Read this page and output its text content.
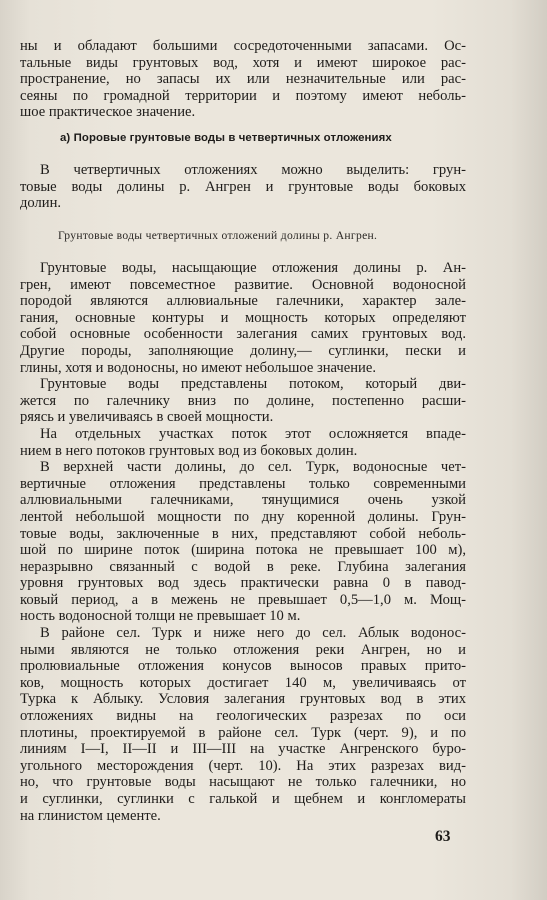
ны и обладают большими сосредоточенными запасами. Ос-
тальные виды грунтовых вод, хотя и имеют широкое рас-
пространение, но запасы их или незначительные или рас-
сеяны по громадной территории и поэтому имеют неболь-
шое практическое значение.
а) Поровые грунтовые воды в четвертичных отложениях
В четвертичных отложениях можно выделить: грун-
товые воды долины р. Ангрен и грунтовые воды боковых
долин.
Грунтовые воды четвертичных отложений долины р. Ангрен.
Грунтовые воды, насыщающие отложения долины р. Ан-
грен, имеют повсеместное развитие. Основной водоносной
породой являются аллювиальные галечники, характер зале-
гания, основные контуры и мощность которых определяют
собой основные особенности залегания самих грунтовых вод.
Другие породы, заполняющие долину,— суглинки, пески и
глины, хотя и водоносны, но имеют небольшое значение.
Грунтовые воды представлены потоком, который дви-
жется по галечнику вниз по долине, постепенно расши-
ряясь и увеличиваясь в своей мощности.
На отдельных участках поток этот осложняется впаде-
нием в него потоков грунтовых вод из боковых долин.
В верхней части долины, до сел. Турк, водоносные чет-
вертичные отложения представлены только современными
аллювиальными галечниками, тянущимися очень узкой
лентой небольшой мощности по дну коренной долины. Грун-
товые воды, заключенные в них, представляют собой неболь-
шой по ширине поток (ширина потока не превышает 100 м),
неразрывно связанный с водой в реке. Глубина залегания
уровня грунтовых вод здесь практически равна 0 в павод-
ковый период, а в межень не превышает 0,5—1,0 м. Мощ-
ность водоносной толщи не превышает 10 м.
В районе сел. Турк и ниже него до сел. Аблык водонос-
ными являются не только отложения реки Ангрен, но и
пролювиальные отложения конусов выносов правых прито-
ков, мощность которых достигает 140 м, увеличиваясь от
Турка к Аблыку. Условия залегания грунтовых вод в этих
отложениях видны на геологических разрезах по оси
плотины, проектируемой в районе сел. Турк (черт. 9), и по
линиям I—I, II—II и III—III на участке Ангренского буро-
угольного месторождения (черт. 10). На этих разрезах вид-
но, что грунтовые воды насыщают не только галечники, но
и суглинки, суглинки с галькой и щебнем и конгломераты
на глинистом цементе.
63
